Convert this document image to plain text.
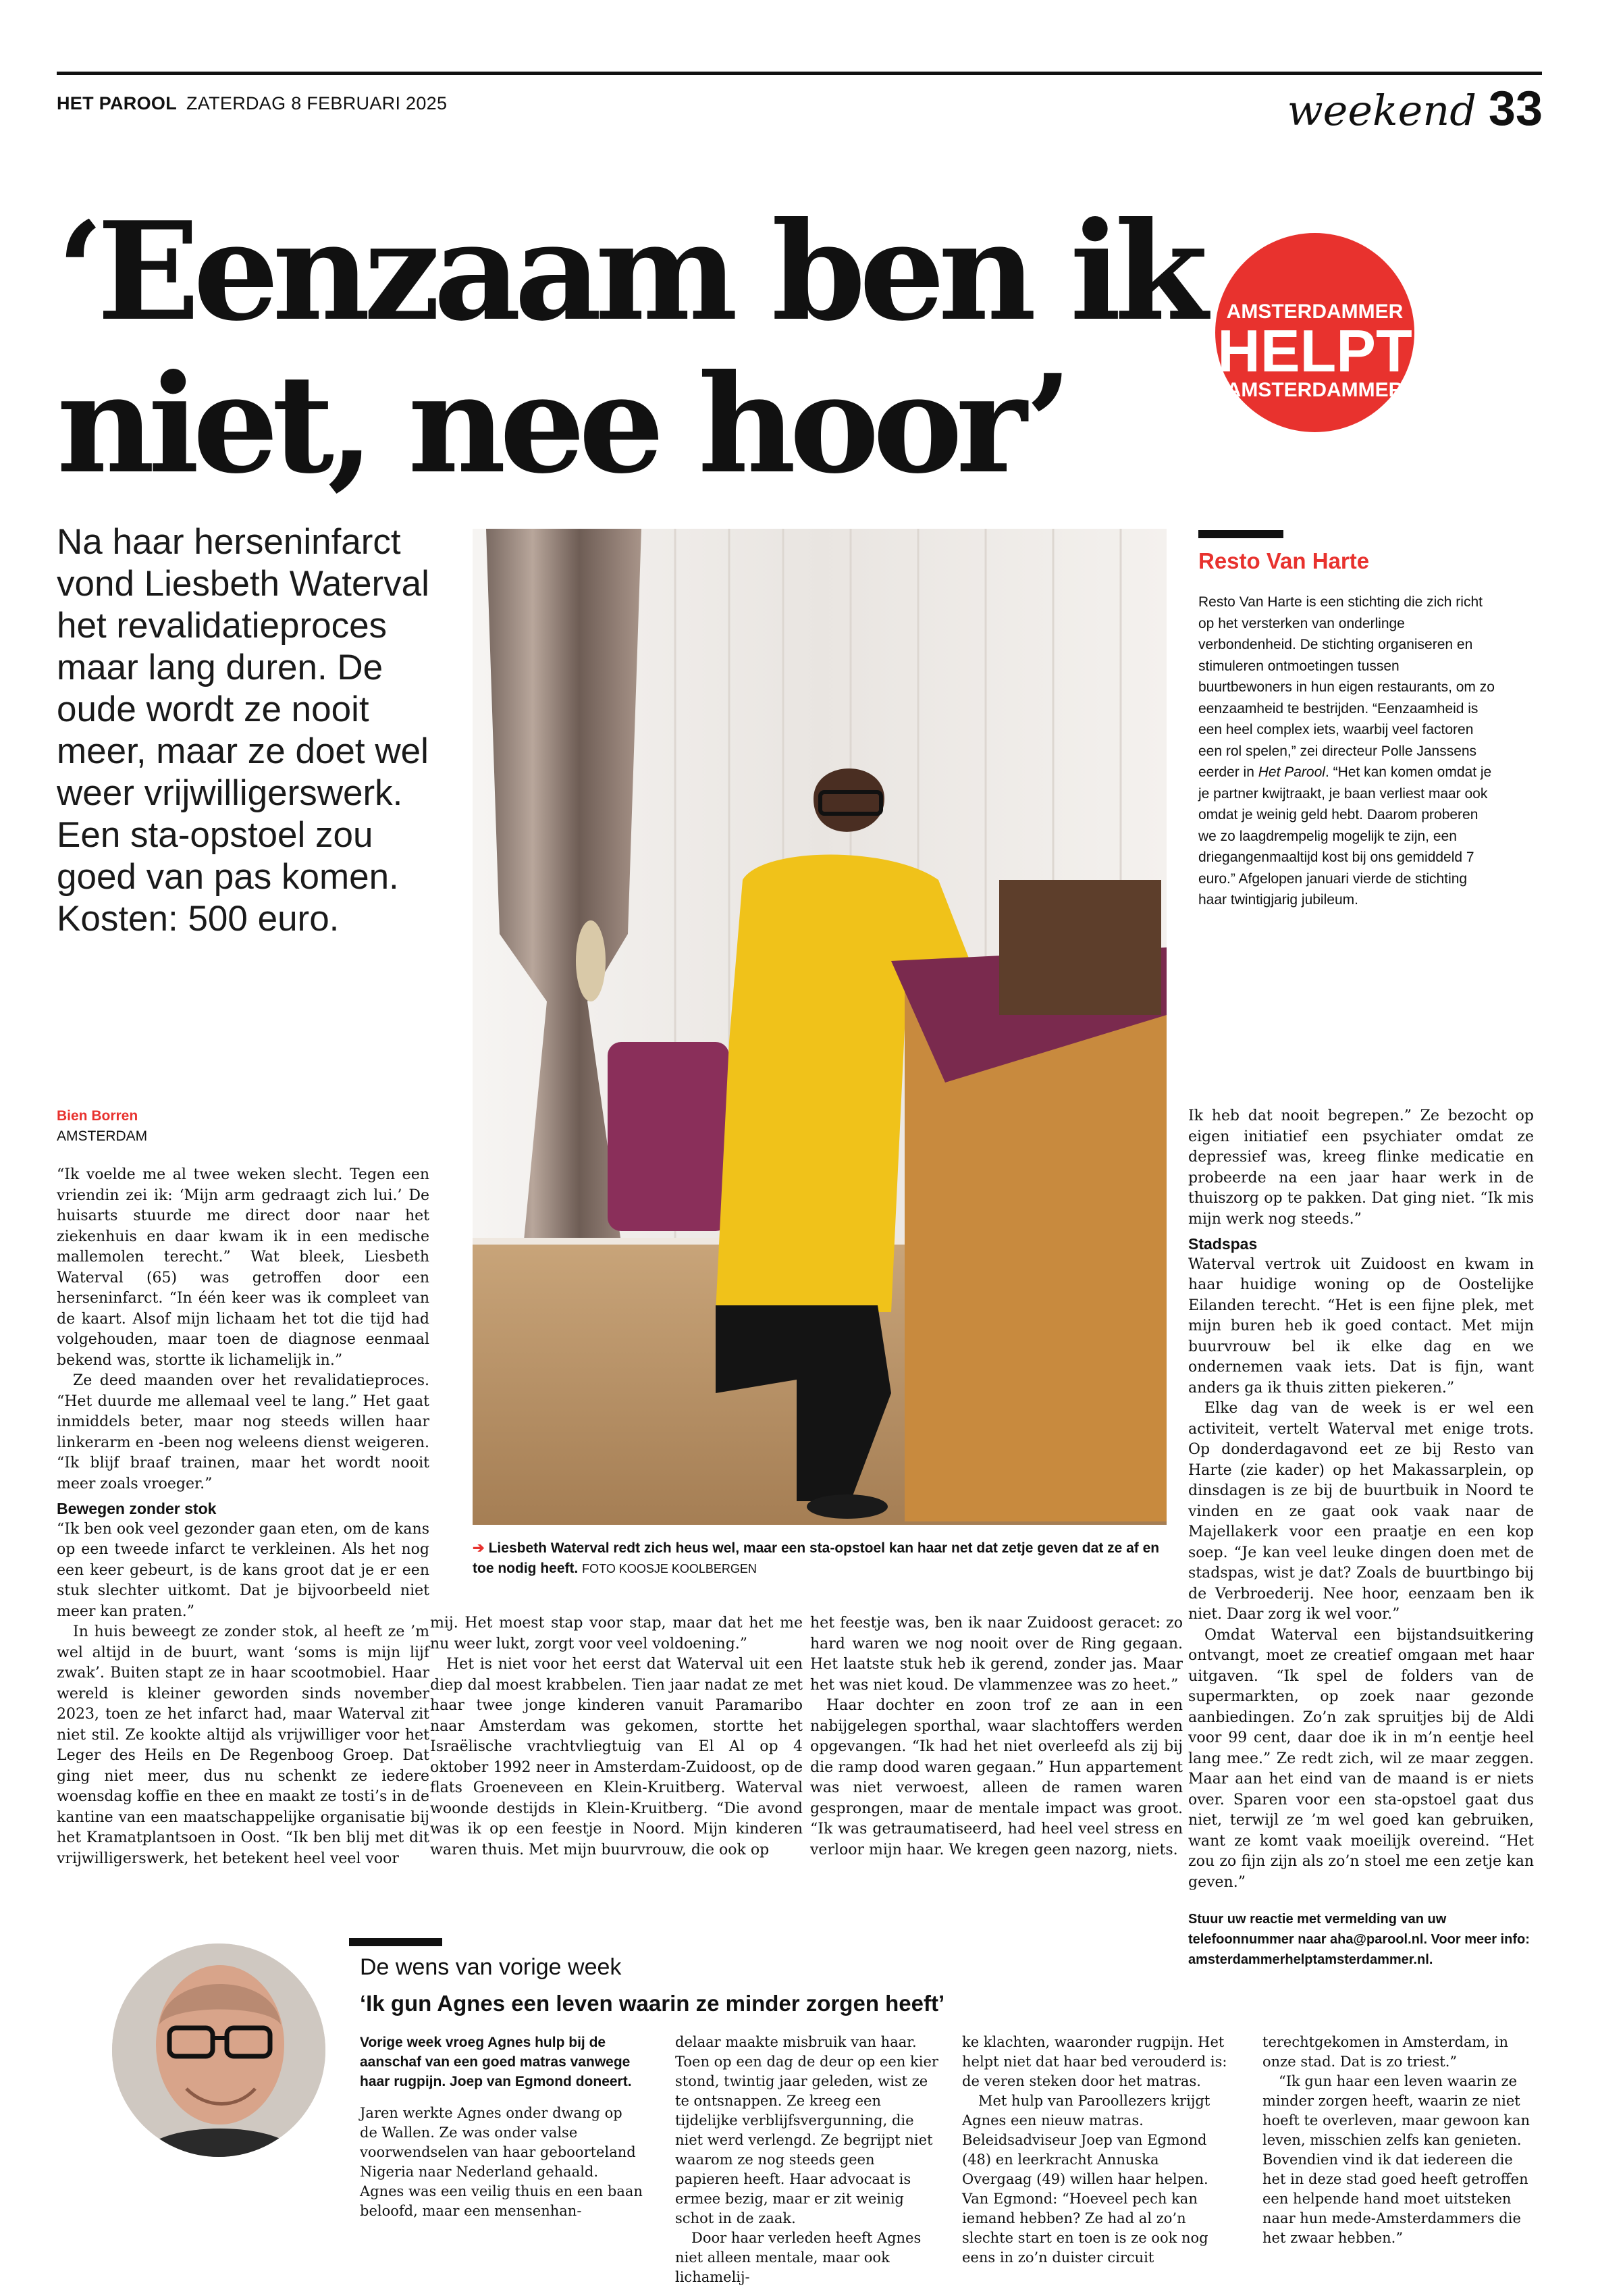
HET PAROOL ZATERDAG 8 FEBRUARI 2025	weekend 33
‘Eenzaam ben ik
niet, nee hoor’
AMSTERDAMMER
HELPT
AMSTERDAMMER
Na haar herseninfarct vond Liesbeth Waterval het revalidatieproces maar lang duren. De oude wordt ze nooit meer, maar ze doet wel weer vrijwilligerswerk. Een sta-opstoel zou goed van pas komen. Kosten: 500 euro.
➔ Liesbeth Waterval redt zich heus wel, maar een sta-opstoel kan haar net dat zetje geven dat ze af en toe nodig heeft. FOTO KOOSJE KOOLBERGEN
Resto Van Harte
Resto Van Harte is een stichting die zich richt op het versterken van onderlinge verbondenheid. De stichting organiseren en stimuleren ontmoetingen tussen buurtbewoners in hun eigen restaurants, om zo eenzaamheid te bestrijden. “Eenzaamheid is een heel complex iets, waarbij veel factoren een rol spelen,” zei directeur Polle Janssens eerder in Het Parool. “Het kan komen omdat je je partner kwijtraakt, je baan verliest maar ook omdat je weinig geld hebt. Daarom proberen we zo laagdrempelig mogelijk te zijn, een driegangenmaaltijd kost bij ons gemiddeld 7 euro.” Afgelopen januari vierde de stichting haar twintigjarig jubileum.
Bien Borren
AMSTERDAM

“Ik voelde me al twee weken slecht. Tegen een vriendin zei ik: ‘Mijn arm gedraagt zich lui.’ De huisarts stuurde me direct door naar het ziekenhuis en daar kwam ik in een medische mallemolen terecht.” Wat bleek, Liesbeth Waterval (65) was getroffen door een herseninfarct. “In één keer was ik compleet van de kaart. Alsof mijn lichaam het tot die tijd had volgehouden, maar toen de diagnose eenmaal bekend was, stortte ik lichamelijk in.”

Ze deed maanden over het revalidatieproces. “Het duurde me allemaal veel te lang.” Het gaat inmiddels beter, maar nog steeds willen haar linkerarm en -been nog weleens dienst weigeren. “Ik blijf braaf trainen, maar het wordt nooit meer zoals vroeger.”

Bewegen zonder stok

“Ik ben ook veel gezonder gaan eten, om de kans op een tweede infarct te verkleinen. Als het nog een keer gebeurt, is de kans groot dat je er een stuk slechter uitkomt. Dat je bijvoorbeeld niet meer kan praten.”

In huis beweegt ze zonder stok, al heeft ze ’m wel altijd in de buurt, want ‘soms is mijn lijf zwak’. Buiten stapt ze in haar scootmobiel. Haar wereld is kleiner geworden sinds november 2023, toen ze het infarct had, maar Waterval zit niet stil. Ze kookte altijd als vrijwilliger voor het Leger des Heils en De Regenboog Groep. Dat ging niet meer, dus nu schenkt ze iedere woensdag koffie en thee en maakt ze tosti’s in de kantine van een maatschappelijke organisatie bij het Kramatplantsoen in Oost. “Ik ben blij met dit vrijwilligerswerk, het betekent heel veel voor

mij. Het moest stap voor stap, maar dat het me nu weer lukt, zorgt voor veel voldoening.”

Het is niet voor het eerst dat Waterval uit een diep dal moest krabbelen. Tien jaar nadat ze met haar twee jonge kinderen vanuit Paramaribo naar Amsterdam was gekomen, stortte het Israëlische vrachtvliegtuig van El Al op 4 oktober 1992 neer in Amsterdam-Zuidoost, op de flats Groeneveen en Klein-Kruitberg. Waterval woonde destijds in Klein-Kruitberg. “Die avond was ik op een feestje in Noord. Mijn kinderen waren thuis. Met mijn buurvrouw, die ook op

het feestje was, ben ik naar Zuidoost geracet: zo hard waren we nog nooit over de Ring gegaan. Het laatste stuk heb ik gerend, zonder jas. Maar het was niet koud. De vlammenzee was zo heet.”

Haar dochter en zoon trof ze aan in een nabijgelegen sporthal, waar slachtoffers werden opgevangen. “Ik had het niet overleefd als zij bij die ramp dood waren gegaan.” Hun appartement was niet verwoest, alleen de ramen waren gesprongen, maar de mentale impact was groot. “Ik was getraumatiseerd, had heel veel stress en verloor mijn haar. We kregen geen nazorg, niets.

Ik heb dat nooit begrepen.” Ze bezocht op eigen initiatief een psychiater omdat ze depressief was, kreeg flinke medicatie en probeerde na een jaar haar werk in de thuiszorg op te pakken. Dat ging niet. “Ik mis mijn werk nog steeds.”

Stadspas

Waterval vertrok uit Zuidoost en kwam in haar huidige woning op de Oostelijke Eilanden terecht. “Het is een fijne plek, met mijn buren heb ik goed contact. Met mijn buurvrouw bel ik elke dag en we ondernemen vaak iets. Dat is fijn, want anders ga ik thuis zitten piekeren.”

Elke dag van de week is er wel een activiteit, vertelt Waterval met enige trots. Op donderdagavond eet ze bij Resto van Harte (zie kader) op het Makassarplein, op dinsdagen is ze bij de buurtbuik in Noord te vinden en ze gaat ook vaak naar de Majellakerk voor een praatje en een kop soep. “Je kan veel leuke dingen doen met de stadspas, wist je dat? Zoals de buurtbingo bij de Verbroederij. Nee hoor, eenzaam ben ik niet. Daar zorg ik wel voor.”

Omdat Waterval een bijstandsuitkering ontvangt, moet ze creatief omgaan met haar uitgaven. “Ik spel de folders van de supermarkten, op zoek naar gezonde aanbiedingen. Zo’n zak spruitjes bij de Aldi voor 99 cent, daar doe ik in m’n eentje heel lang mee.” Ze redt zich, wil ze maar zeggen. Maar aan het eind van de maand is er niets over. Sparen voor een sta-opstoel gaat dus niet, terwijl ze ’m wel goed kan gebruiken, want ze komt vaak moeilijk overeind. “Het zou zo fijn zijn als zo’n stoel me een zetje kan geven.”

Stuur uw reactie met vermelding van uw telefoonnummer naar aha@parool.nl. Voor meer info: amsterdammerhelptamsterdammer.nl.
De wens van vorige week
‘Ik gun Agnes een leven waarin ze minder zorgen heeft’

Vorige week vroeg Agnes hulp bij de aanschaf van een goed matras vanwege haar rugpijn. Joep van Egmond doneert.

Jaren werkte Agnes onder dwang op de Wallen. Ze was onder valse voorwendselen van haar geboorteland Nigeria naar Nederland gehaald. Agnes was een veilig thuis en een baan beloofd, maar een mensenhan-

delaar maakte misbruik van haar. Toen op een dag de deur op een kier stond, twintig jaar geleden, wist ze te ontsnappen. Ze kreeg een tijdelijke verblijfsvergunning, die niet werd verlengd. Ze begrijpt niet waarom ze nog steeds geen papieren heeft. Haar advocaat is ermee bezig, maar er zit weinig schot in de zaak.

Door haar verleden heeft Agnes niet alleen mentale, maar ook lichamelij-

ke klachten, waaronder rugpijn. Het helpt niet dat haar bed verouderd is: de veren steken door het matras.

Met hulp van Paroollezers krijgt Agnes een nieuw matras. Beleidsadviseur Joep van Egmond (48) en leerkracht Annuska Overgaag (49) willen haar helpen. Van Egmond: “Hoeveel pech kan iemand hebben? Ze had al zo’n slechte start en toen is ze ook nog eens in zo’n duister circuit

terechtgekomen in Amsterdam, in onze stad. Dat is zo triest.”

“Ik gun haar een leven waarin ze minder zorgen heeft, waarin ze niet hoeft te overleven, maar gewoon kan leven, misschien zelfs kan genieten. Bovendien vind ik dat iedereen die het in deze stad goed heeft getroffen een helpende hand moet uitsteken naar hun mede-Amsterdammers die het zwaar hebben.”
